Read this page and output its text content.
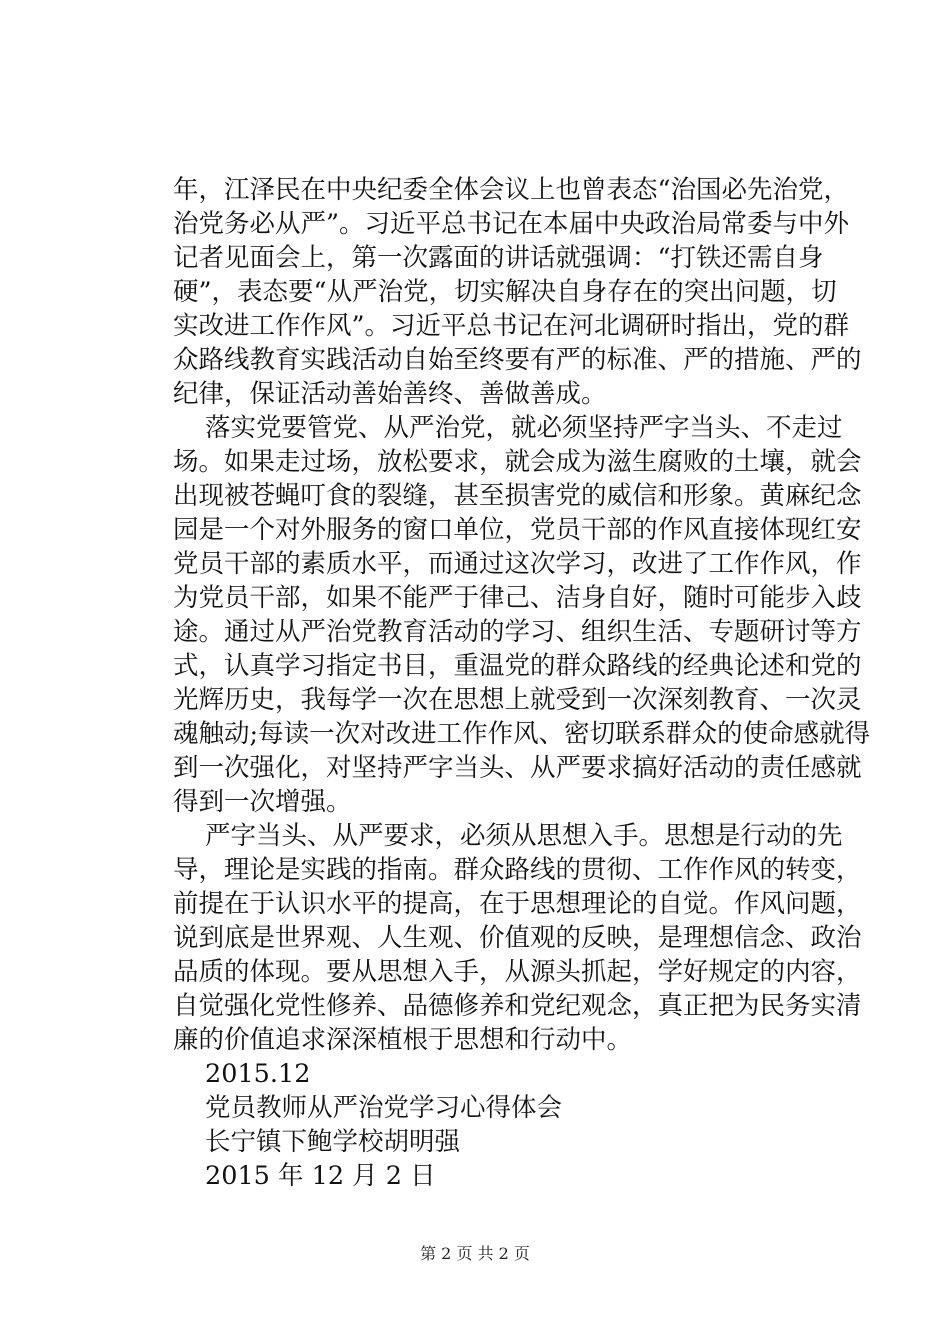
年，江泽民在中央纪委全体会议上也曾表态“治国必先治党，
治党务必从严”。习近平总书记在本届中央政治局常委与中外
记者见面会上，第一次露面的讲话就强调：“打铁还需自身
硬”，表态要“从严治党，切实解决自身存在的突出问题，切
实改进工作作风”。习近平总书记在河北调研时指出，党的群
众路线教育实践活动自始至终要有严的标准、严的措施、严的
纪律，保证活动善始善终、善做善成。
落实党要管党、从严治党，就必须坚持严字当头、不走过
场。如果走过场，放松要求，就会成为滋生腐败的土壤，就会
出现被苍蝇叮食的裂缝，甚至损害党的威信和形象。黄麻纪念
园是一个对外服务的窗口单位，党员干部的作风直接体现红安
党员干部的素质水平，而通过这次学习，改进了工作作风，作
为党员干部，如果不能严于律己、洁身自好，随时可能步入歧
途。通过从严治党教育活动的学习、组织生活、专题研讨等方
式，认真学习指定书目，重温党的群众路线的经典论述和党的
光辉历史，我每学一次在思想上就受到一次深刻教育、一次灵
魂触动;每读一次对改进工作作风、密切联系群众的使命感就得
到一次强化，对坚持严字当头、从严要求搞好活动的责任感就
得到一次增强。
严字当头、从严要求，必须从思想入手。思想是行动的先
导，理论是实践的指南。群众路线的贯彻、工作作风的转变，
前提在于认识水平的提高，在于思想理论的自觉。作风问题，
说到底是世界观、人生观、价值观的反映，是理想信念、政治
品质的体现。要从思想入手，从源头抓起，学好规定的内容，
自觉强化党性修养、品德修养和党纪观念，真正把为民务实清
廉的价值追求深深植根于思想和行动中。
2015.12
党员教师从严治党学习心得体会
长宁镇下鲍学校胡明强
2015 年 12 月 2 日
第 2 页 共 2 页
